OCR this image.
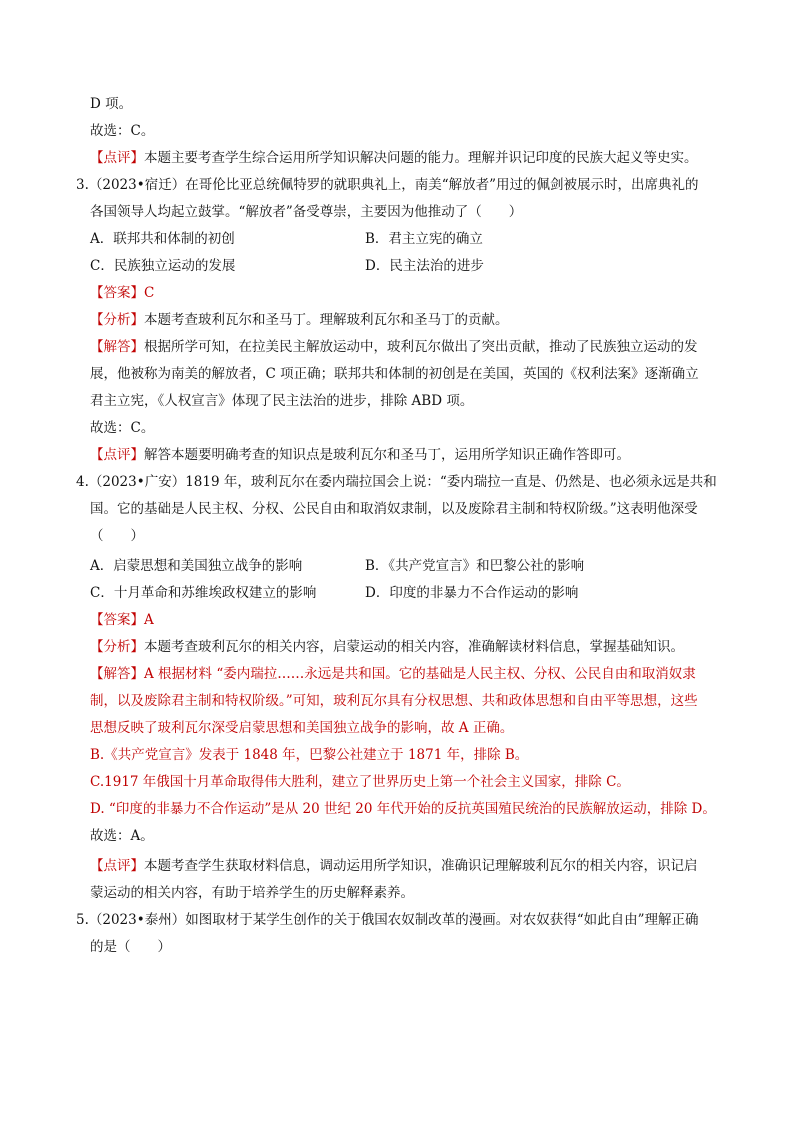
D 项。
故选：C。
【点评】本题主要考查学生综合运用所学知识解决问题的能力。理解并识记印度的民族大起义等史实。
3.（2023•宿迁）在哥伦比亚总统佩特罗的就职典礼上，南美“解放者”用过的佩剑被展示时，出席典礼的
各国领导人均起立鼓掌。“解放者”备受尊崇，主要因为他推动了（　　）
A．联邦共和体制的初创	B．君主立宪的确立
C．民族独立运动的发展	D．民主法治的进步
【答案】C
【分析】本题考查玻利瓦尔和圣马丁。理解玻利瓦尔和圣马丁的贡献。
【解答】根据所学可知，在拉美民主解放运动中，玻利瓦尔做出了突出贡献，推动了民族独立运动的发
展，他被称为南美的解放者，C 项正确；联邦共和体制的初创是在美国，英国的《权利法案》逐渐确立
君主立宪，《人权宣言》体现了民主法治的进步，排除 ABD 项。
故选：C。
【点评】解答本题要明确考查的知识点是玻利瓦尔和圣马丁，运用所学知识正确作答即可。
4.（2023•广安）1819 年，玻利瓦尔在委内瑞拉国会上说：“委内瑞拉一直是、仍然是、也必须永远是共和
国。它的基础是人民主权、分权、公民自由和取消奴隶制，以及废除君主制和特权阶级。”这表明他深受
（　　）
A．启蒙思想和美国独立战争的影响	B．《共产党宣言》和巴黎公社的影响
C．十月革命和苏维埃政权建立的影响	D．印度的非暴力不合作运动的影响
【答案】A
【分析】本题考查玻利瓦尔的相关内容，启蒙运动的相关内容，准确解读材料信息，掌握基础知识。
【解答】A 根据材料 “委内瑞拉……永远是共和国。它的基础是人民主权、分权、公民自由和取消奴隶
制，以及废除君主制和特权阶级。”可知，玻利瓦尔具有分权思想、共和政体思想和自由平等思想，这些
思想反映了玻利瓦尔深受启蒙思想和美国独立战争的影响，故 A 正确。
B.《共产党宣言》发表于 1848 年，巴黎公社建立于 1871 年，排除 B。
C.1917 年俄国十月革命取得伟大胜利，建立了世界历史上第一个社会主义国家，排除 C。
D. “印度的非暴力不合作运动”是从 20 世纪 20 年代开始的反抗英国殖民统治的民族解放运动，排除 D。
故选：A。
【点评】本题考查学生获取材料信息，调动运用所学知识，准确识记理解玻利瓦尔的相关内容，识记启
蒙运动的相关内容，有助于培养学生的历史解释素养。
5.（2023•泰州）如图取材于某学生创作的关于俄国农奴制改革的漫画。对农奴获得“如此自由”理解正确
的是（　　）
